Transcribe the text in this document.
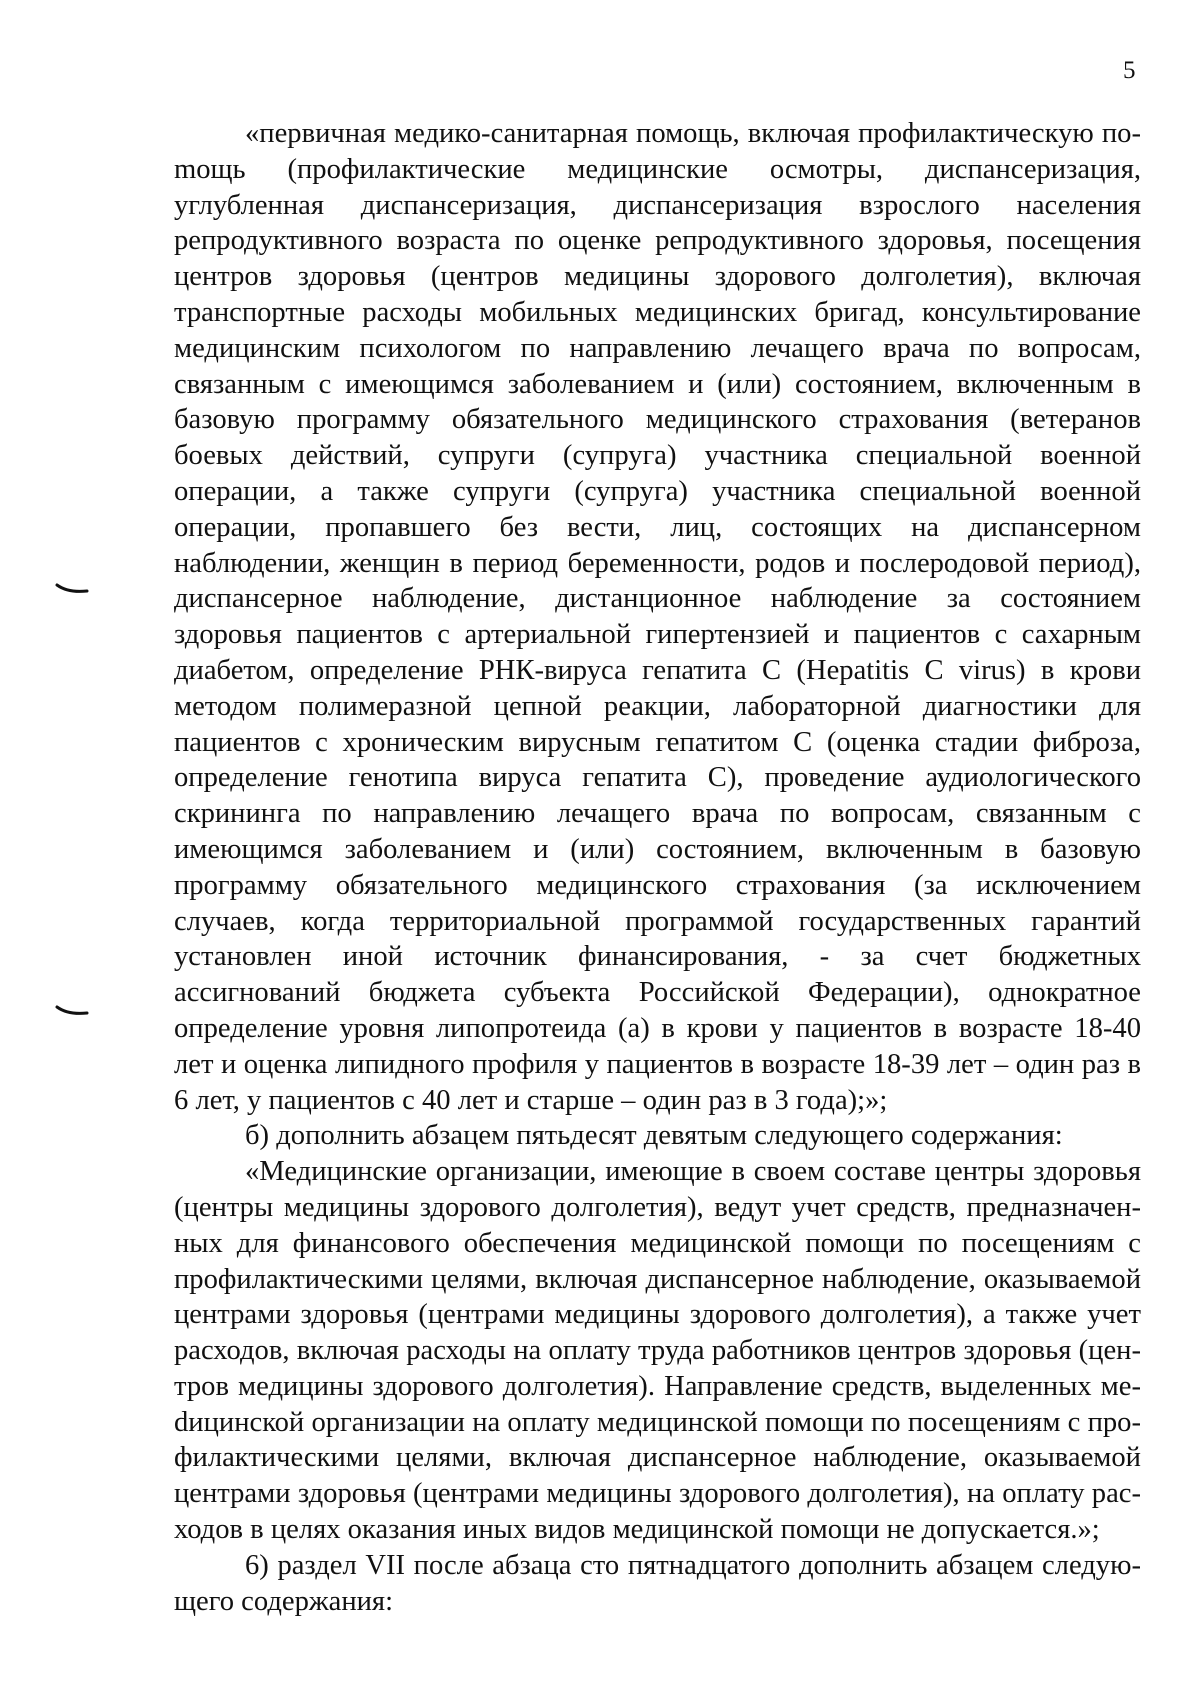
5

«первичная медико-санитарная помощь, включая профилактическую поmощь (профилактические медицинские осмотры, диспансеризация, углубленная диспансеризация, диспансеризация взрослого населения репродуктивного возраста по оценке репродуктивного здоровья, посещения центров здоровья (центров медицины здорового долголетия), включая транспортные расходы мобильных медицинских бригад, консультирование медицинским психологом по направлению лечащего врача по вопросам, связанным с имеющимся заболеванием и (или) состоянием, включенным в базовую программу обязательного медицинского страхования (ветеранов боевых действий, супруги (супруга) участника специальной военной операции, а также супруги (супруга) участника специальной военной операции, пропавшего без вести, лиц, состоящих на диспансерном наблюдении, женщин в период беременности, родов и послеродовой период), диспансерное наблюдение, дистанционное наблюдение за состоянием здоровья пациентов с артериальной гипертензией и пациентов с сахарным диабетом, определение РНК-вируса гепатита С (Hepatitis C virus) в крови методом полимеразной цепной реакции, лабораторной диагностики для пациентов с хроническим вирусным гепатитом С (оценка стадии фиброза, определение генотипа вируса гепатита С), проведение аудиологического скрининга по направлению лечащего врача по вопросам, связанным с имеющимся заболеванием и (или) состоянием, включенным в базовую программу обязательного медицинского страхования (за исключением случаев, когда территориальной программой государственных гарантий установлен иной источник финансирования, - за счет бюджетных ассигнований бюджета субъекта Российской Федерации), однократное определение уровня липопротеида (а) в крови у пациентов в возрасте 18-40 лет и оценка липидного профиля у пациентов в возрасте 18-39 лет – один раз в 6 лет, у пациентов с 40 лет и старше – один раз в 3 года);»;

б) дополнить абзацем пятьдесят девятым следующего содержания:

«Медицинские организации, имеющие в своем составе центры здоровья (центры медицины здорового долголетия), ведут учет средств, предназначенных для финансового обеспечения медицинской помощи по посещениям с профилактическими целями, включая диспансерное наблюдение, оказываемой центрами здоровья (центрами медицины здорового долголетия), а также учет расходов, включая расходы на оплату труда работников центров здоровья (центров медицины здорового долголетия). Направление средств, выделенных меdицинской организации на оплату медицинской помощи по посещениям с профилактическими целями, включая диспансерное наблюдение, оказываемой центрами здоровья (центрами медицины здорового долголетия), на оплату расходов в целях оказания иных видов медицинской помощи не допускается.»;

6) раздел VII после абзаца сто пятнадцатого дополнить абзацем следующего содержания:
